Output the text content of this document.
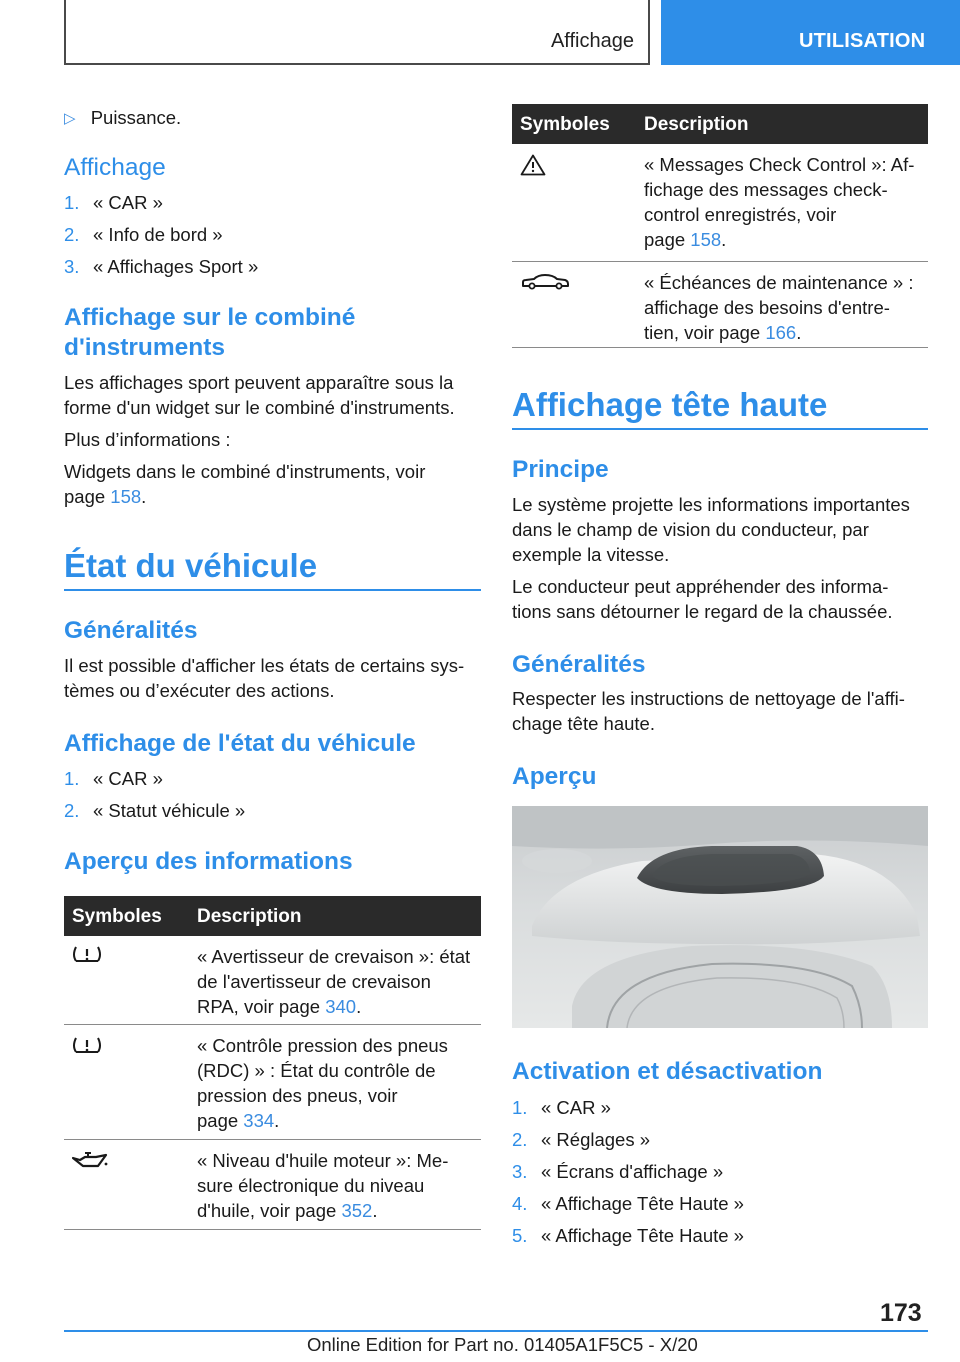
Affichage	UTILISATION
▷ Puissance.
Affichage
1. « CAR »
2. « Info de bord »
3. « Affichages Sport »
Affichage sur le combiné
d'instruments
Les affichages sport peuvent apparaître sous la
forme d'un widget sur le combiné d'instruments.
Plus d’informations :
Widgets dans le combiné d'instruments, voir
page 158.
État du véhicule
Généralités
Il est possible d'afficher les états de certains sys-
tèmes ou d’exécuter des actions.
Affichage de l'état du véhicule
1. « CAR »
2. « Statut véhicule »
Aperçu des informations
Symboles Description
« Avertisseur de crevaison »: état
de l'avertisseur de crevaison
RPA, voir page 340.
« Contrôle pression des pneus
(RDC) » : État du contrôle de
pression des pneus, voir
page 334.
« Niveau d'huile moteur »: Me-
sure électronique du niveau
d'huile, voir page 352.
Symboles Description
« Messages Check Control »: Af-
fichage des messages check-
control enregistrés, voir
page 158.
« Échéances de maintenance » :
affichage des besoins d'entre-
tien, voir page 166.
Affichage tête haute
Principe
Le système projette les informations importantes
dans le champ de vision du conducteur, par
exemple la vitesse.
Le conducteur peut appréhender des informa-
tions sans détourner le regard de la chaussée.
Généralités
Respecter les instructions de nettoyage de l'affi-
chage tête haute.
Aperçu
Activation et désactivation
1. « CAR »
2. « Réglages »
3. « Écrans d'affichage »
4. « Affichage Tête Haute »
5. « Affichage Tête Haute »
173
Online Edition for Part no. 01405A1F5C5 - X/20
